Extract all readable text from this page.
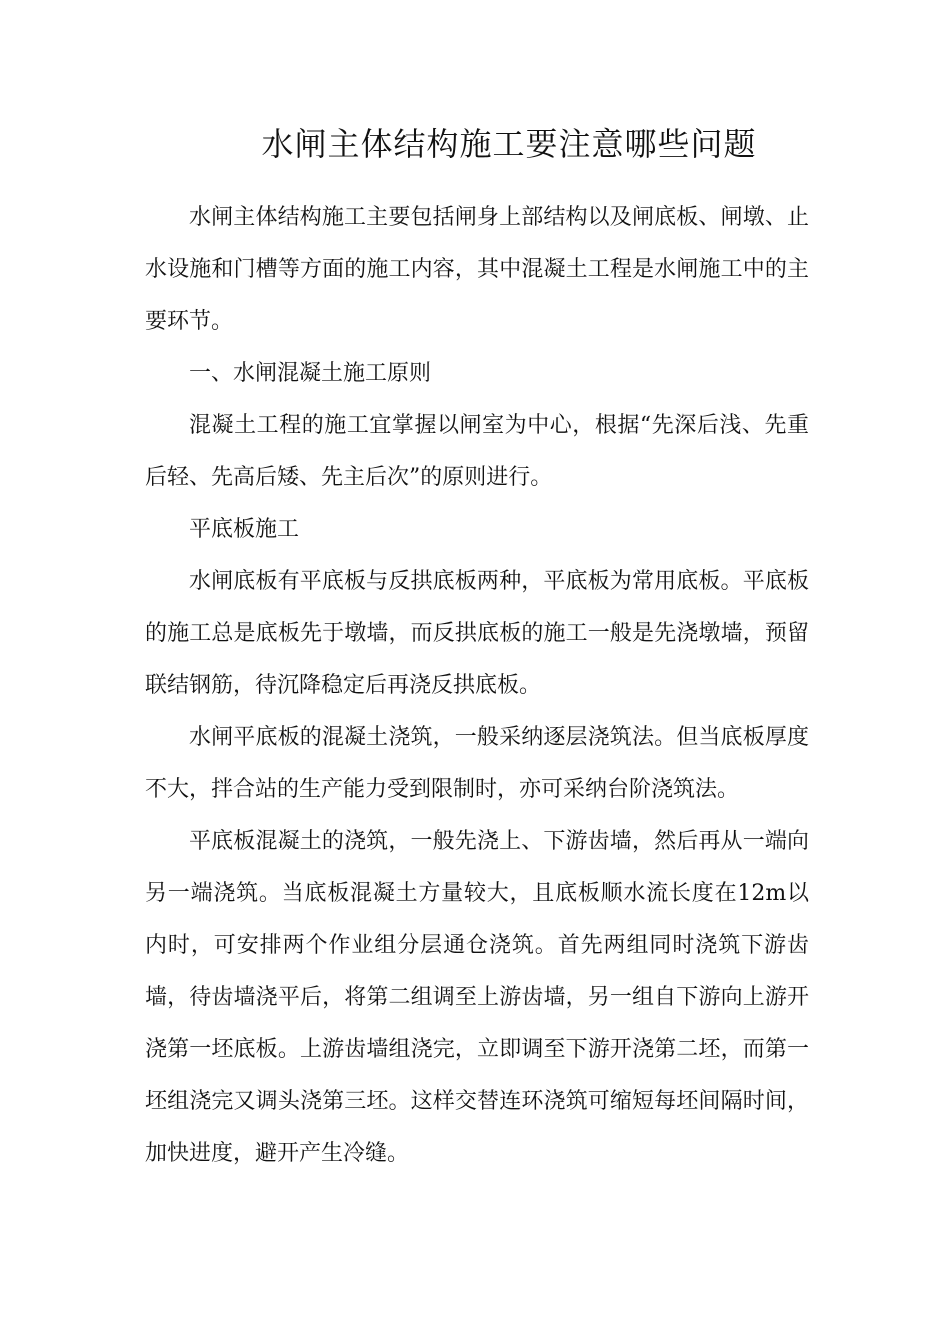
水闸主体结构施工要注意哪些问题

水闸主体结构施工主要包括闸身上部结构以及闸底板、闸墩、止水设施和门槽等方面的施工内容，其中混凝土工程是水闸施工中的主要环节。

一、水闸混凝土施工原则

混凝土工程的施工宜掌握以闸室为中心，根据“先深后浅、先重后轻、先高后矮、先主后次”的原则进行。

平底板施工

水闸底板有平底板与反拱底板两种，平底板为常用底板。平底板的施工总是底板先于墩墙，而反拱底板的施工一般是先浇墩墙，预留联结钢筋，待沉降稳定后再浇反拱底板。

水闸平底板的混凝土浇筑，一般采纳逐层浇筑法。但当底板厚度不大，拌合站的生产能力受到限制时，亦可采纳台阶浇筑法。

平底板混凝土的浇筑，一般先浇上、下游齿墙，然后再从一端向另一端浇筑。当底板混凝土方量较大，且底板顺水流长度在12m以内时，可安排两个作业组分层通仓浇筑。首先两组同时浇筑下游齿墙，待齿墙浇平后，将第二组调至上游齿墙，另一组自下游向上游开浇第一坯底板。上游齿墙组浇完，立即调至下游开浇第二坯，而第一坯组浇完又调头浇第三坯。这样交替连环浇筑可缩短每坯间隔时间，加快进度，避开产生冷缝。
